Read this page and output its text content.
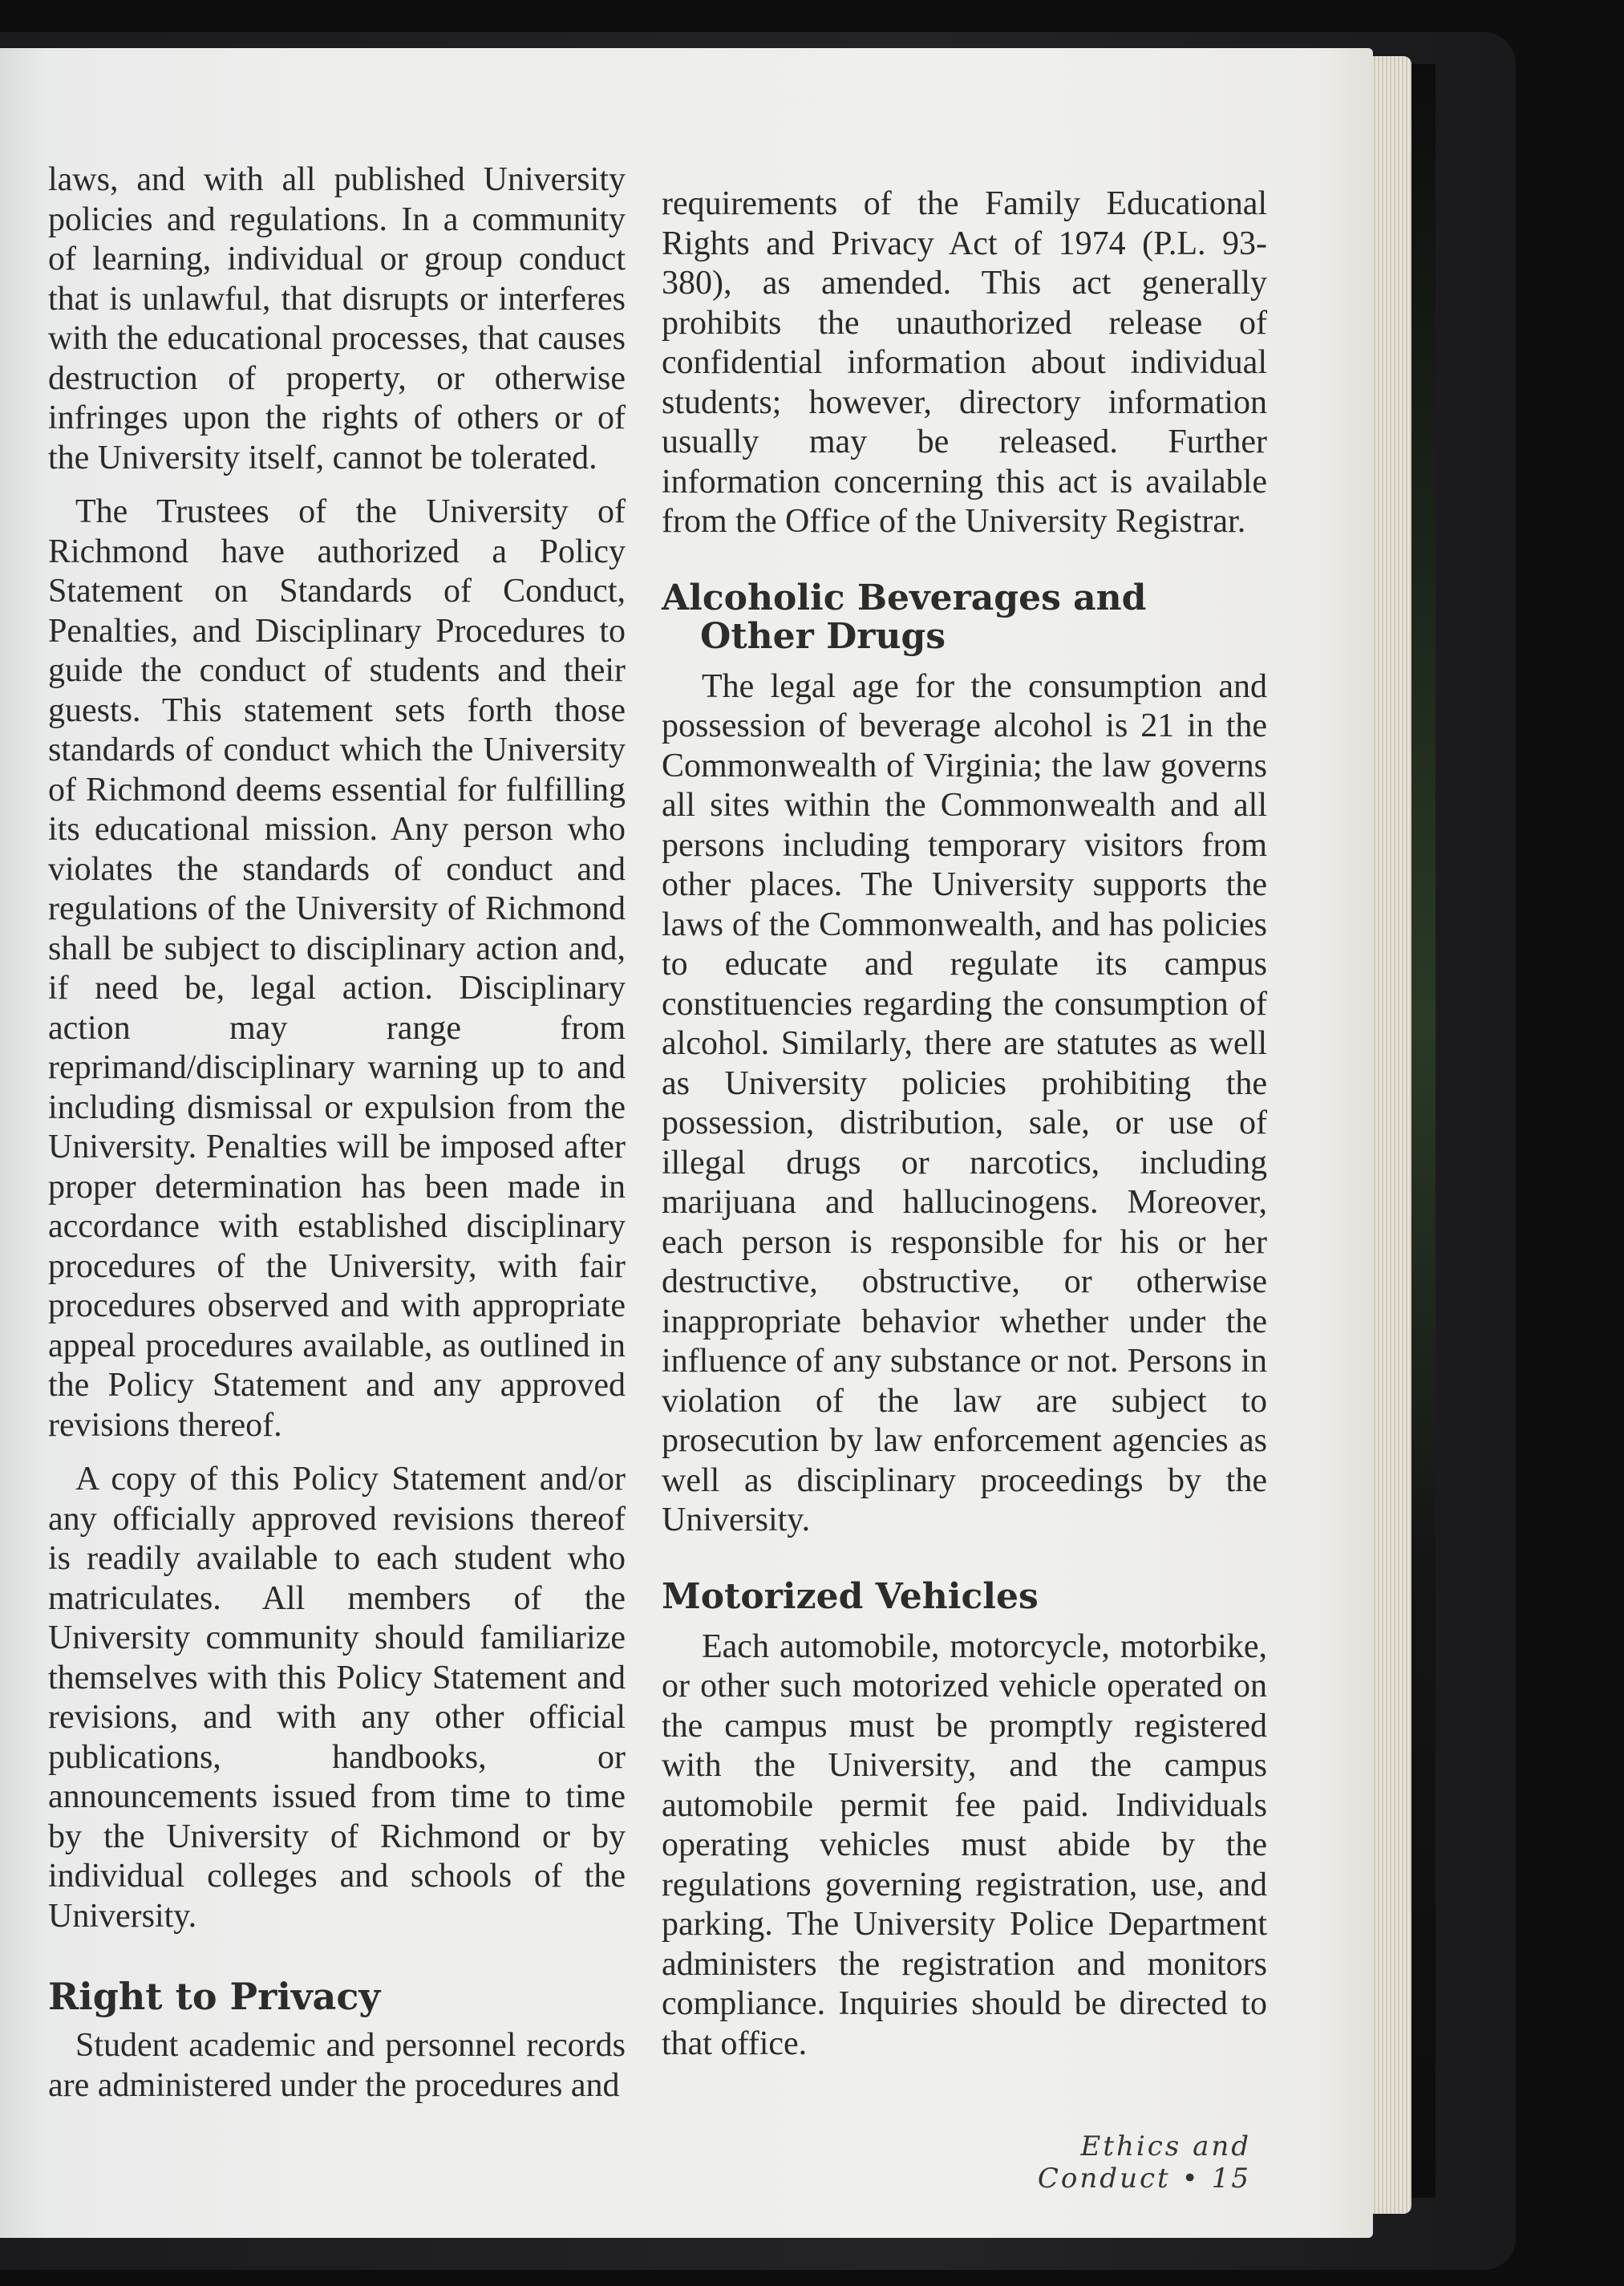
laws, and with all published University policies and regulations. In a community of learning, individual or group conduct that is unlawful, that disrupts or interferes with the educational processes, that causes destruction of property, or otherwise infringes upon the rights of others or of the University itself, cannot be tolerated.

The Trustees of the University of Richmond have authorized a Policy Statement on Standards of Conduct, Penalties, and Disciplinary Procedures to guide the conduct of students and their guests. This statement sets forth those standards of conduct which the University of Richmond deems essential for fulfilling its educational mission. Any person who violates the standards of conduct and regulations of the University of Richmond shall be subject to disciplinary action and, if need be, legal action. Disciplinary action may range from reprimand/disciplinary warning up to and including dismissal or expulsion from the University. Penalties will be imposed after proper determination has been made in accordance with established disciplinary procedures of the University, with fair procedures observed and with appropriate appeal procedures available, as outlined in the Policy Statement and any approved revisions thereof.

A copy of this Policy Statement and/or any officially approved revisions thereof is readily available to each student who matriculates. All members of the University community should familiarize themselves with this Policy Statement and revisions, and with any other official publications, handbooks, or announcements issued from time to time by the University of Richmond or by individual colleges and schools of the University.

Right to Privacy

Student academic and personnel records are administered under the procedures and

requirements of the Family Educational Rights and Privacy Act of 1974 (P.L. 93-380), as amended. This act generally prohibits the unauthorized release of confidential information about individual students; however, directory information usually may be released. Further information concerning this act is available from the Office of the University Registrar.

Alcoholic Beverages and Other Drugs

The legal age for the consumption and possession of beverage alcohol is 21 in the Commonwealth of Virginia; the law governs all sites within the Commonwealth and all persons including temporary visitors from other places. The University supports the laws of the Commonwealth, and has policies to educate and regulate its campus constituencies regarding the consumption of alcohol. Similarly, there are statutes as well as University policies prohibiting the possession, distribution, sale, or use of illegal drugs or narcotics, including marijuana and hallucinogens. Moreover, each person is responsible for his or her destructive, obstructive, or otherwise inappropriate behavior whether under the influence of any substance or not. Persons in violation of the law are subject to prosecution by law enforcement agencies as well as disciplinary proceedings by the University.

Motorized Vehicles

Each automobile, motorcycle, motorbike, or other such motorized vehicle operated on the campus must be promptly registered with the University, and the campus automobile permit fee paid. Individuals operating vehicles must abide by the regulations governing registration, use, and parking. The University Police Department administers the registration and monitors compliance. Inquiries should be directed to that office.

Ethics and Conduct • 15
